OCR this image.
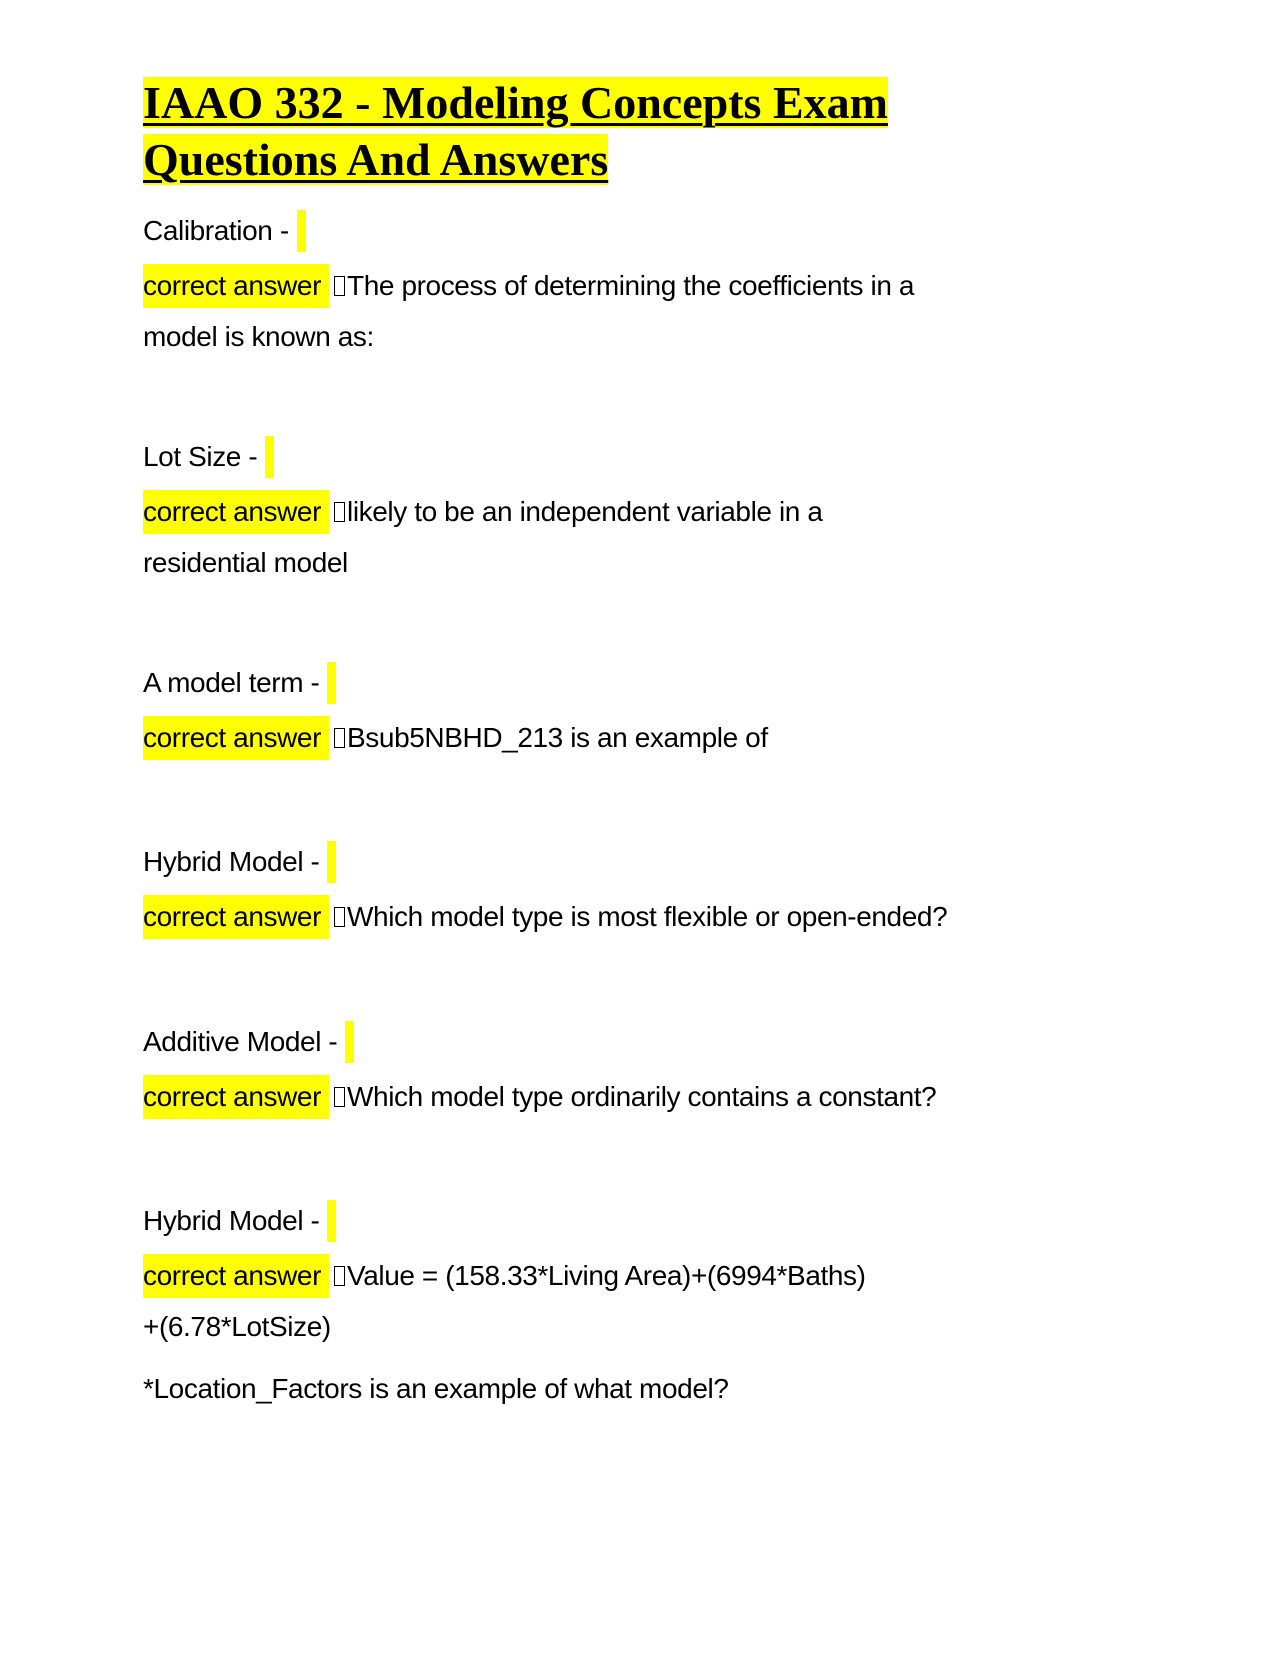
IAAO 332 - Modeling Concepts Exam Questions And Answers
Calibration -
correct answer The process of determining the coefficients in a
model is known as:
Lot Size -
correct answer likely to be an independent variable in a
residential model
A model term -
correct answer Bsub5NBHD_213 is an example of
Hybrid Model -
correct answer Which model type is most flexible or open-ended?
Additive Model -
correct answer Which model type ordinarily contains a constant?
Hybrid Model -
correct answer Value = (158.33*Living Area)+(6994*Baths)
+(6.78*LotSize)
*Location_Factors is an example of what model?
